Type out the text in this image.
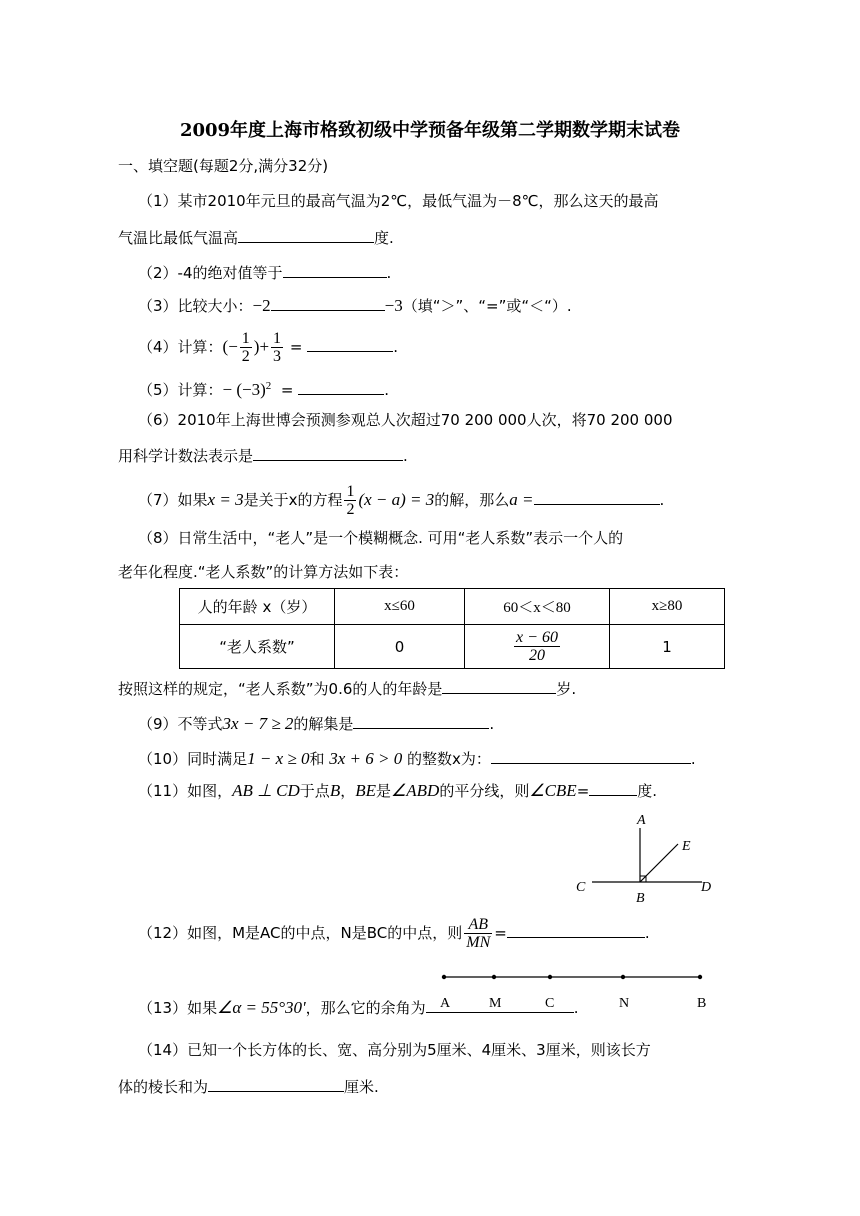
2009年度上海市格致初级中学预备年级第二学期数学期末试卷
一、填空题(每题2分,满分32分)
（1）某市2010年元旦的最高气温为2℃，最低气温为－8℃，那么这天的最高
气温比最低气温高	度.
（2）-4的绝对值等于	.
（3）比较大小：−2	−3（填“＞”、“=”或“＜“）.
（4）计算：(− $\frac{1}{2}$ )+ $\frac{1}{3}$ =	.
（5）计算：− $(-3)^2$ =	.
（6）2010年上海世博会预测参观总人次超过70 200 000人次，将70 200 000
用科学计数法表示是	.
（7）如果x = 3是关于x的方程 $\frac{1}{2} (x - a) = 3$的解，那么a =	.
（8）日常生活中，“老人”是一个模糊概念. 可用“老人系数”表示一个人的
老年化程度.“老人系数”的计算方法如下表：
人的年龄 x（岁）	x≤60	60＜x＜80	x≥80
“老人系数”	0	$\frac{x - 60}{20}$	1
按照这样的规定，“老人系数”为0.6的人的年龄是	岁.
（9）不等式3x − 7 ≥ 2的解集是	.
（10）同时满足1 − x ≥ 0和 3x + 6 > 0 的整数x为：	.
（11）如图，AB ⊥ CD于点B，BE是∠ABD的平分线，则∠CBE=	度.
A
E
C	D
B
（12）如图，M是AC的中点，N是BC的中点，则 $\frac{AB}{MN}$ =	.
A	M	C	N	B
（13）如果∠α = 55°30'，那么它的余角为	.
（14）已知一个长方体的长、宽、高分别为5厘米、4厘米、3厘米，则该长方
体的棱长和为	厘米.
